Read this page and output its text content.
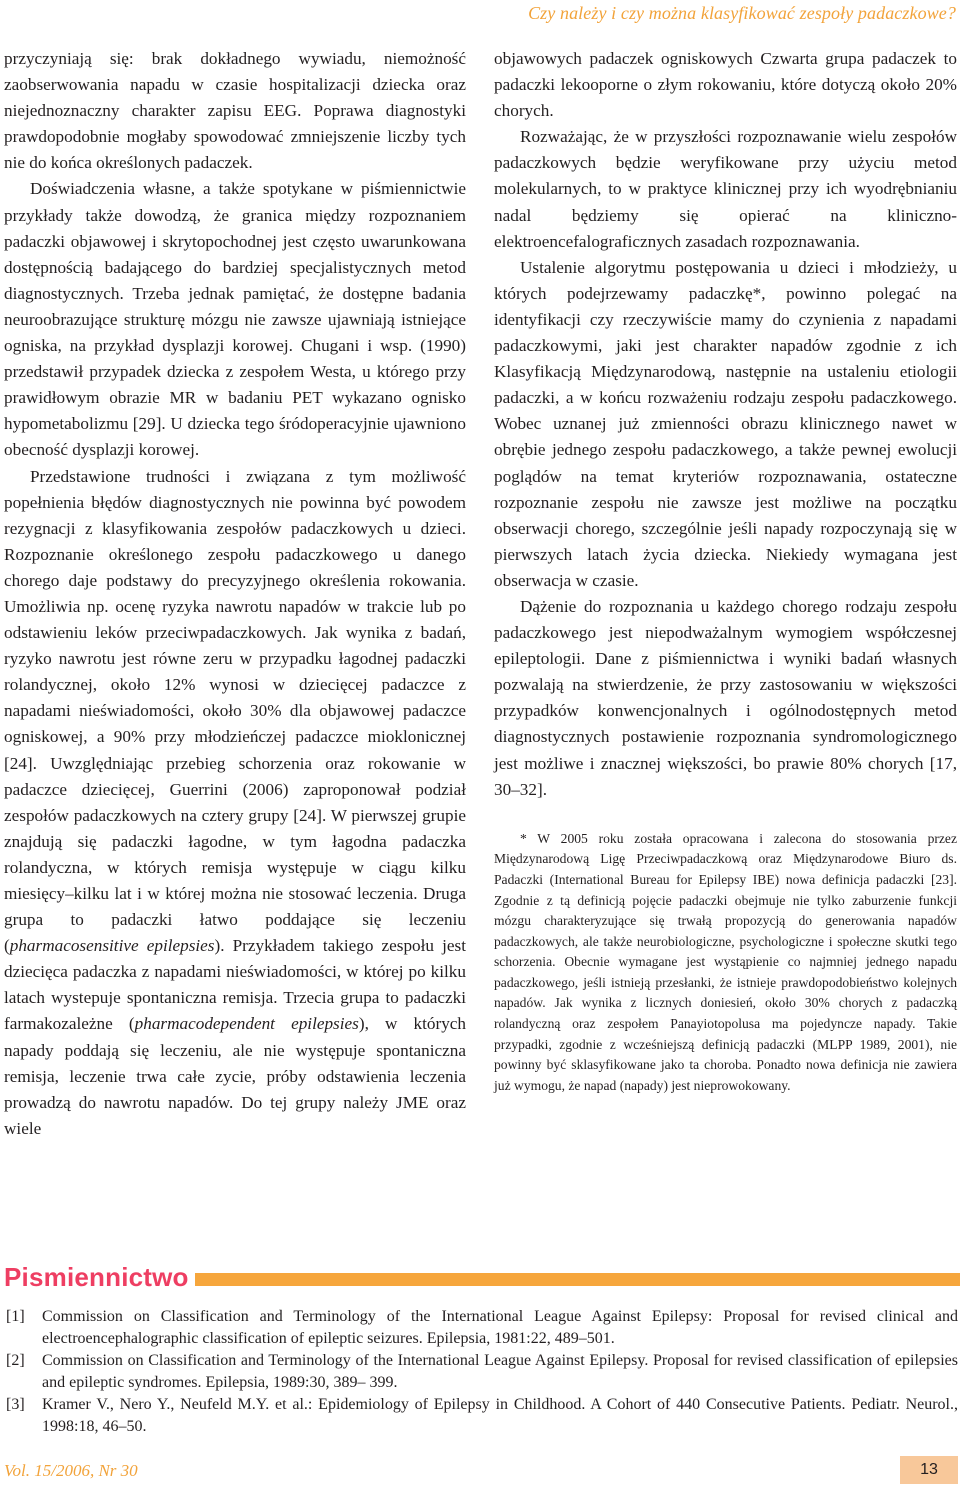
Czy należy i czy można klasyfikować zespoły padaczkowe?

przyczyniają się: brak dokładnego wywiadu, niemożność zaobserwowania napadu w czasie hospitalizacji dziecka oraz niejednoznaczny charakter zapisu EEG. Poprawa diagnostyki prawdopodobnie mogłaby spowodować zmniejszenie liczby tych nie do końca określonych padaczek.

Doświadczenia własne, a także spotykane w piśmiennictwie przykłady także dowodzą, że granica między rozpoznaniem padaczki objawowej i skrytopochodnej jest często uwarunkowana dostępnością badającego do bardziej specjalistycznych metod diagnostycznych. Trzeba jednak pamiętać, że dostępne badania neuroobrazujące strukturę mózgu nie zawsze ujawniają istniejące ogniska, na przykład dysplazji korowej. Chugani i wsp. (1990) przedstawił przypadek dziecka z zespołem Westa, u którego przy prawidłowym obrazie MR w badaniu PET wykazano ognisko hypometabolizmu [29]. U dziecka tego śródoperacyjnie ujawniono obecność dysplazji korowej.

Przedstawione trudności i związana z tym możliwość popełnienia błędów diagnostycznych nie powinna być powodem rezygnacji z klasyfikowania zespołów padaczkowych u dzieci. Rozpoznanie określonego zespołu padaczkowego u danego chorego daje podstawy do precyzyjnego określenia rokowania. Umożliwia np. ocenę ryzyka nawrotu napadów w trakcie lub po odstawieniu leków przeciwpadaczkowych. Jak wynika z badań, ryzyko nawrotu jest równe zeru w przypadku łagodnej padaczki rolandycznej, około 12% wynosi w dziecięcej padaczce z napadami nieświadomości, około 30% dla objawowej padaczce ogniskowej, a 90% przy młodzieńczej padaczce mioklonicznej [24]. Uwzględniając przebieg schorzenia oraz rokowanie w padaczce dziecięcej, Guerrini (2006) zaproponował podział zespołów padaczkowych na cztery grupy [24]. W pierwszej grupie znajdują się padaczki łagodne, w tym łagodna padaczka rolandyczna, w których remisja występuje w ciągu kilku miesięcy–kilku lat i w której można nie stosować leczenia. Druga grupa to padaczki łatwo poddające się leczeniu (pharmacosensitive epilepsies). Przykładem takiego zespołu jest dziecięca padaczka z napadami nieświadomości, w której po kilku latach wystepuje spontaniczna remisja. Trzecia grupa to padaczki farmakozależne (pharmacodependent epilepsies), w których napady poddają się leczeniu, ale nie występuje spontaniczna remisja, leczenie trwa całe zycie, próby odstawienia leczenia prowadzą do nawrotu napadów. Do tej grupy należy JME oraz wiele

objawowych padaczek ogniskowych Czwarta grupa padaczek to padaczki lekooporne o złym rokowaniu, które dotyczą około 20% chorych.

Rozważając, że w przyszłości rozpoznawanie wielu zespołów padaczkowych będzie weryfikowane przy użyciu metod molekularnych, to w praktyce klinicznej przy ich wyodrębnianiu nadal będziemy się opierać na kliniczno-elektroencefalograficznych zasadach rozpoznawania.

Ustalenie algorytmu postępowania u dzieci i młodzieży, u których podejrzewamy padaczkę*, powinno polegać na identyfikacji czy rzeczywiście mamy do czynienia z napadami padaczkowymi, jaki jest charakter napadów zgodnie z ich Klasyfikacją Międzynarodową, następnie na ustaleniu etiologii padaczki, a w końcu rozważeniu rodzaju zespołu padaczkowego. Wobec uznanej już zmienności obrazu klinicznego nawet w obrębie jednego zespołu padaczkowego, a także pewnej ewolucji poglądów na temat kryteriów rozpoznawania, ostateczne rozpoznanie zespołu nie zawsze jest możliwe na początku obserwacji chorego, szczególnie jeśli napady rozpoczynają się w pierwszych latach życia dziecka. Niekiedy wymagana jest obserwacja w czasie.

Dążenie do rozpoznania u każdego chorego rodzaju zespołu padaczkowego jest niepodważalnym wymogiem współczesnej epileptologii. Dane z piśmiennictwa i wyniki badań własnych pozwalają na stwierdzenie, że przy zastosowaniu w większości przypadków konwencjonalnych i ogólnodostępnych metod diagnostycznych postawienie rozpoznania syndromologicznego jest możliwe i znacznej większości, bo prawie 80% chorych [17, 30–32].

* W 2005 roku została opracowana i zalecona do stosowania przez Międzynarodową Ligę Przeciwpadaczkową oraz Międzynarodowe Biuro ds. Padaczki (International Bureau for Epilepsy IBE) nowa definicja padaczki [23]. Zgodnie z tą definicją pojęcie padaczki obejmuje nie tylko zaburzenie funkcji mózgu charakteryzujące się trwałą propozycją do generowania napadów padaczkowych, ale także neurobiologiczne, psychologiczne i społeczne skutki tego schorzenia. Obecnie wymagane jest wystąpienie co najmniej jednego napadu padaczkowego, jeśli istnieją przesłanki, że istnieje prawdopodobieństwo kolejnych napadów. Jak wynika z licznych doniesień, około 30% chorych z padaczką rolandyczną oraz zespołem Panayiotopolusa ma pojedyncze napady. Takie przypadki, zgodnie z wcześniejszą definicją padaczki (MLPP 1989, 2001), nie powinny być sklasyfikowane jako ta choroba. Ponadto nowa definicja nie zawiera już wymogu, że napad (napady) jest nieprowokowany.

Pismiennictwo
[1]	Commission on Classification and Terminology of the International League Against Epilepsy: Proposal for revised clinical and electroencephalographic classification of epileptic seizures. Epilepsia, 1981:22, 489–501.
[2]	Commission on Classification and Terminology of the International League Against Epilepsy. Proposal for revised classification of epilepsies and epileptic syndromes. Epilepsia, 1989:30, 389– 399.
[3]	Kramer V., Nero Y., Neufeld M.Y. et al.: Epidemiology of Epilepsy in Childhood. A Cohort of 440 Consecutive Patients. Pediatr. Neurol., 1998:18, 46–50.
Vol. 15/2006, Nr 30	13
